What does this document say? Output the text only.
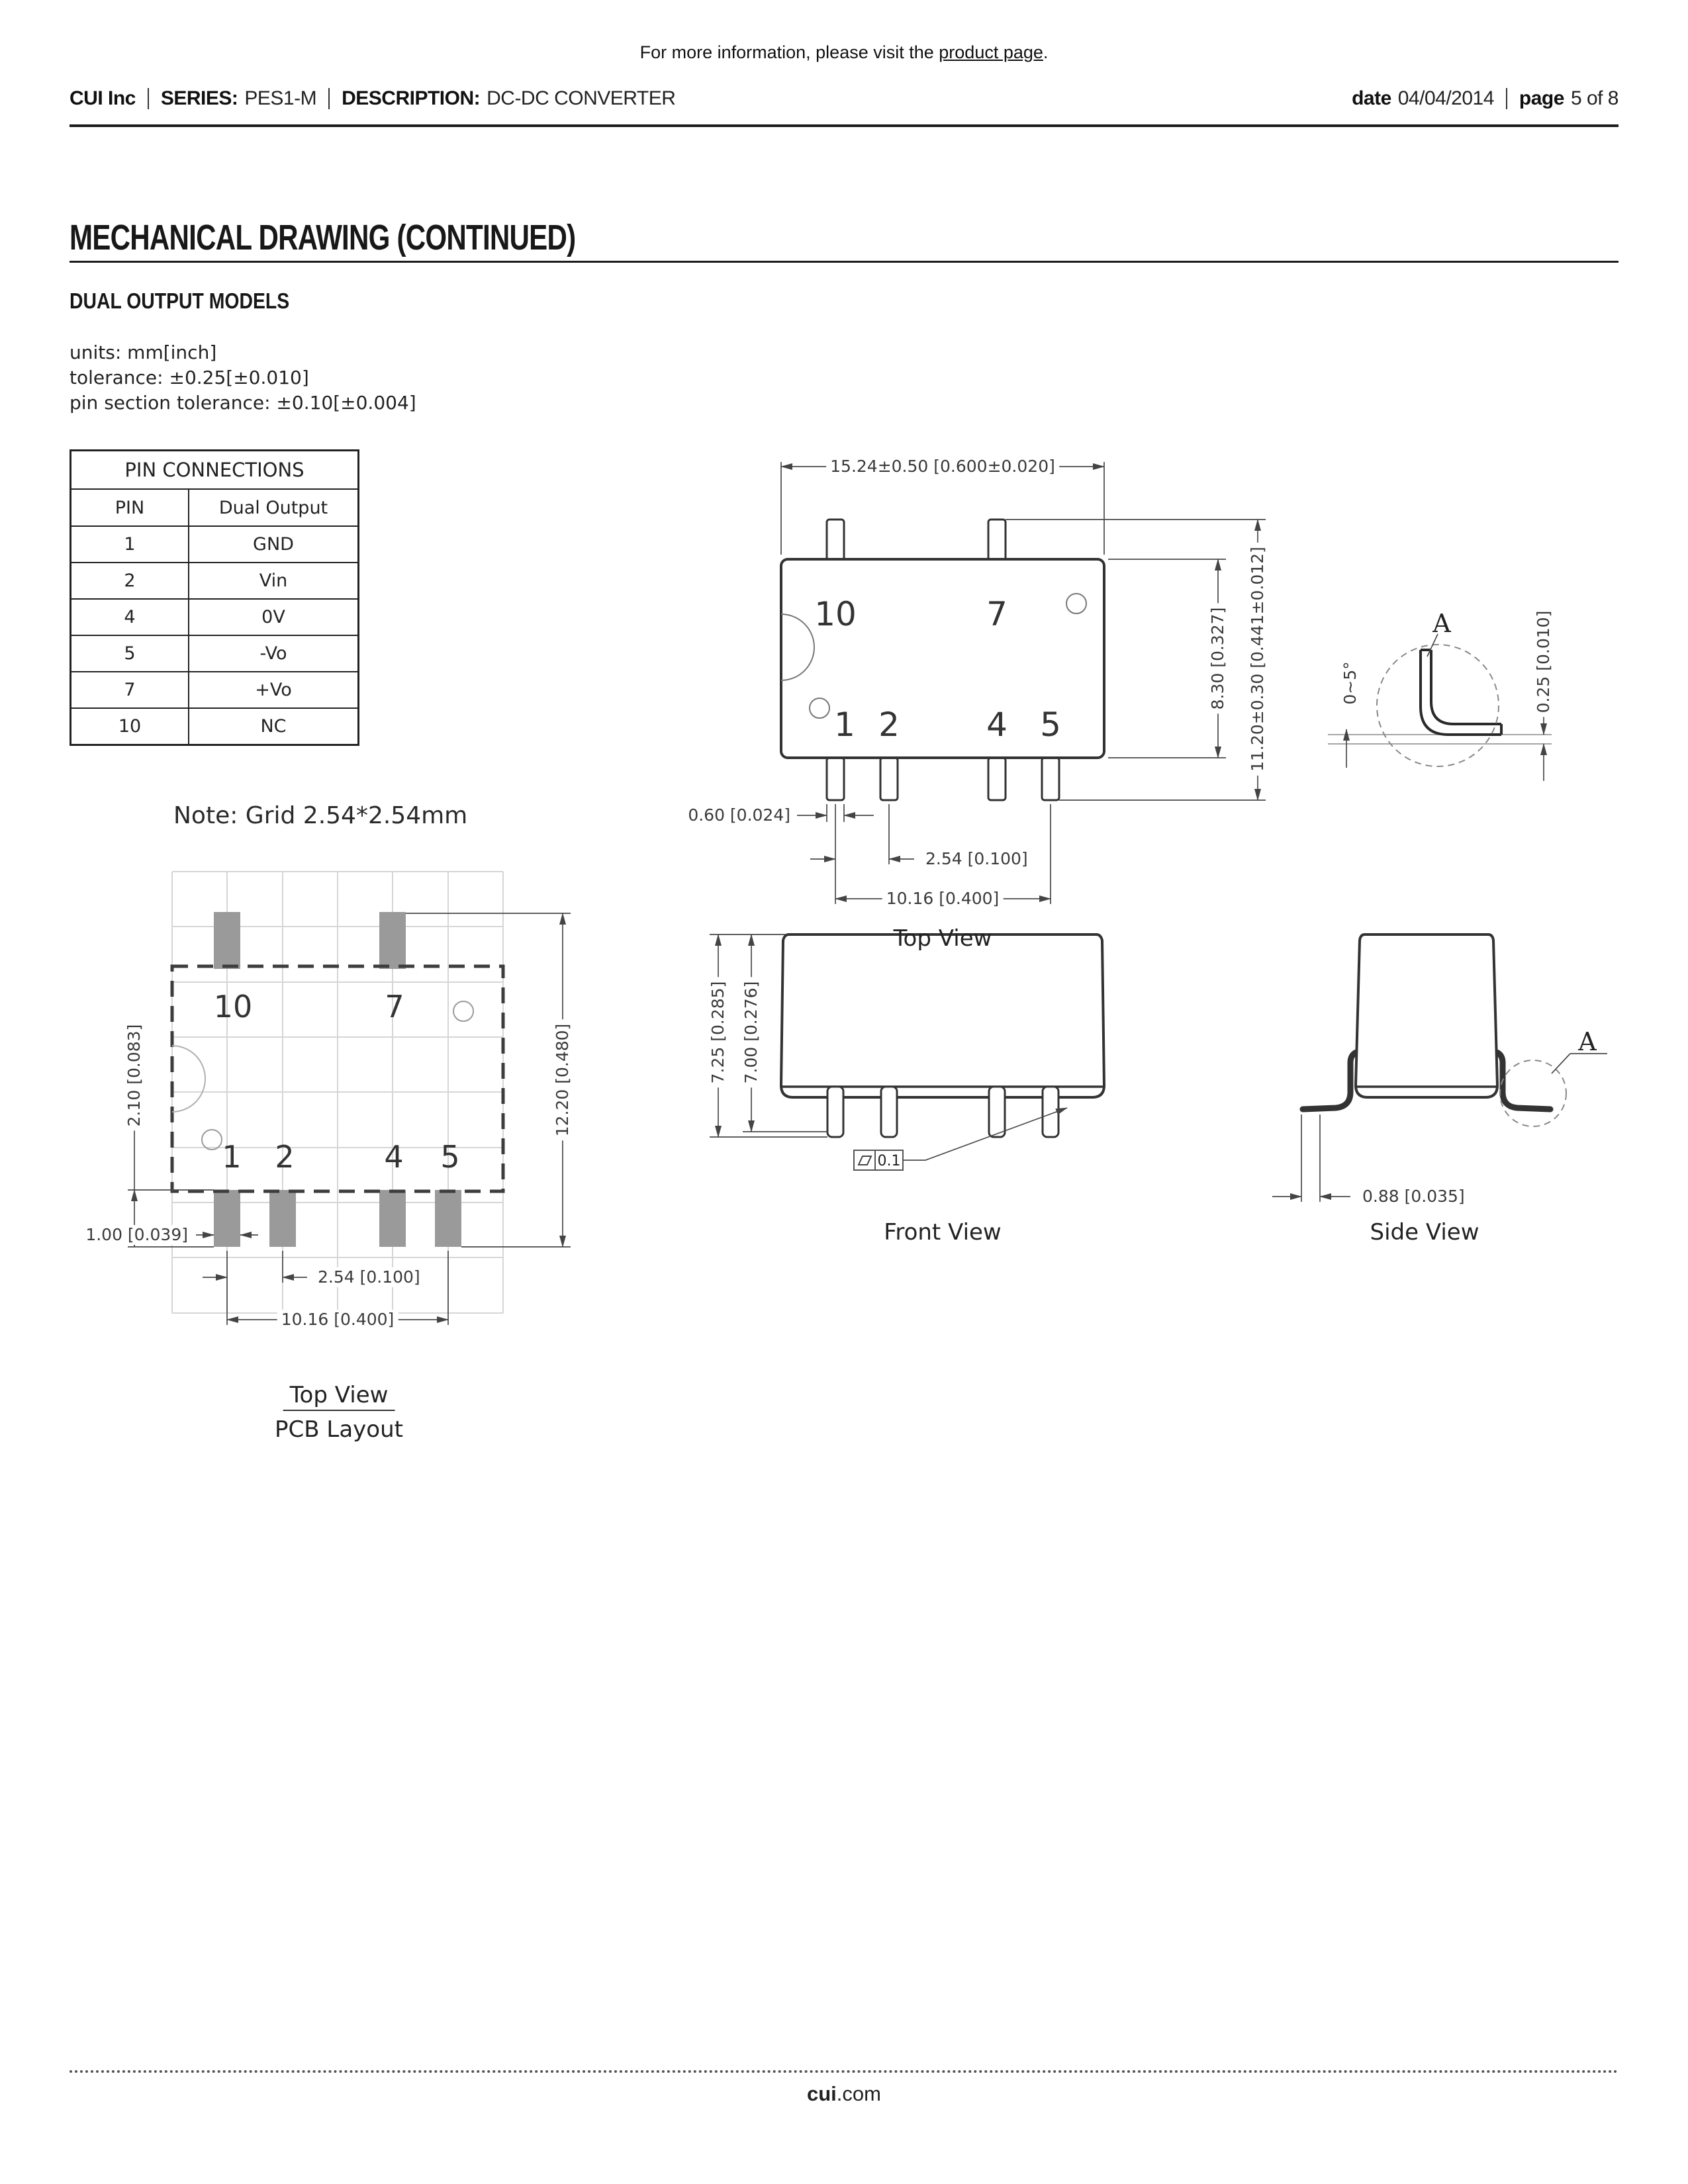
For more information, please visit the product page.
CUI Inc SERIES: PES1-M DESCRIPTION: DC-DC CONVERTER	date 04/04/2014 page 5 of 8
MECHANICAL DRAWING (CONTINUED)
DUAL OUTPUT MODELS
units: mm[inch]
tolerance: ±0.25[±0.010]
pin section tolerance: ±0.10[±0.004]
PIN CONNECTIONS	
PIN	Dual Output
1	GND
2	Vin
4	0V
5	-Vo
7	+Vo
10	NC
10	7
1 2	4 5
10	7
1 2	4 5	0.1
15.24±0.50 [0.600±0.020]
8.30 [0.327] 11.20±0.30 [0.441±0.012]
0.60 [0.024]
2.54 [0.100]
10.16 [0.400]
Top View
Note: Grid 2.54*2.54mm
2.10 [0.083]	12.20 [0.480]
1.00 [0.039]
2.54 [0.100]
10.16 [0.400]
Top View
PCB Layout
7.25 [0.285] 7.00 [0.276]
Front View
A
0.88 [0.035]
Side View
A
0~5°	0.25 [0.010]
cui.com
